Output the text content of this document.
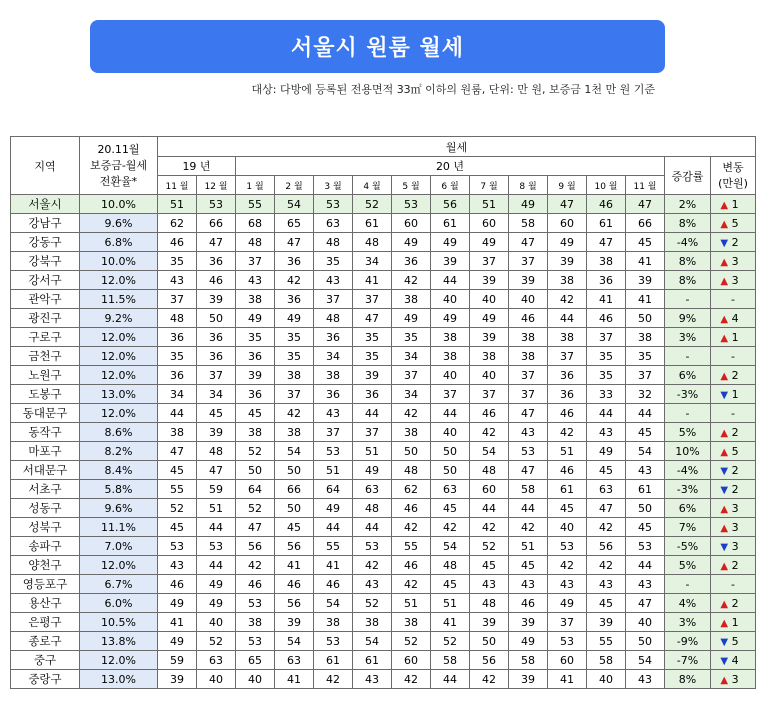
서울시 원룸 월세
대상: 다방에 등록된 전용면적 33㎡ 이하의 원룸, 단위: 만 원, 보증금 1천 만 원 기준
지역	20.11월
보증금-월세
전환율*	월세														
		19 년		20 년											증감률	변동
(만원)

		11 월	12 월	1 월	2 월	3 월	4 월	5 월	6 월	7 월	8 월	9 월	10 월	11 월		
서울시	10.0%	51	53	55	54	53	52	53	56	51	49	47	46	47	2%	▲ 1
강남구	9.6%	62	66	68	65	63	61	60	61	60	58	60	61	66	8%	▲ 5
강동구	6.8%	46	47	48	47	48	48	49	49	49	47	49	47	45	-4%	▼ 2
강북구	10.0%	35	36	37	36	35	34	36	39	37	37	39	38	41	8%	▲ 3
강서구	12.0%	43	46	43	42	43	41	42	44	39	39	38	36	39	8%	▲ 3
관악구	11.5%	37	39	38	36	37	37	38	40	40	40	42	41	41	-	-
광진구	9.2%	48	50	49	49	48	47	49	49	49	46	44	46	50	9%	▲ 4
구로구	12.0%	36	36	35	35	36	35	35	38	39	38	38	37	38	3%	▲ 1
금천구	12.0%	35	36	36	35	34	35	34	38	38	38	37	35	35	-	-
노원구	12.0%	36	37	39	38	38	39	37	40	40	37	36	35	37	6%	▲ 2
도봉구	13.0%	34	34	36	37	36	36	34	37	37	37	36	33	32	-3%	▼ 1
동대문구	12.0%	44	45	45	42	43	44	42	44	46	47	46	44	44	-	-
동작구	8.6%	38	39	38	38	37	37	38	40	42	43	42	43	45	5%	▲ 2
마포구	8.2%	47	48	52	54	53	51	50	50	54	53	51	49	54	10%	▲ 5
서대문구	8.4%	45	47	50	50	51	49	48	50	48	47	46	45	43	-4%	▼ 2
서초구	5.8%	55	59	64	66	64	63	62	63	60	58	61	63	61	-3%	▼ 2
성동구	9.6%	52	51	52	50	49	48	46	45	44	44	45	47	50	6%	▲ 3
성북구	11.1%	45	44	47	45	44	44	42	42	42	42	40	42	45	7%	▲ 3
송파구	7.0%	53	53	56	56	55	53	55	54	52	51	53	56	53	-5%	▼ 3
양천구	12.0%	43	44	42	41	41	42	46	48	45	45	42	42	44	5%	▲ 2
영등포구	6.7%	46	49	46	46	46	43	42	45	43	43	43	43	43	-	-
용산구	6.0%	49	49	53	56	54	52	51	51	48	46	49	45	47	4%	▲ 2
은평구	10.5%	41	40	38	39	38	38	38	41	39	39	37	39	40	3%	▲ 1
종로구	13.8%	49	52	53	54	53	54	52	52	50	49	53	55	50	-9%	▼ 5
중구	12.0%	59	63	65	63	61	61	60	58	56	58	60	58	54	-7%	▼ 4
중랑구	13.0%	39	40	40	41	42	43	42	44	42	39	41	40	43	8%	▲ 3
